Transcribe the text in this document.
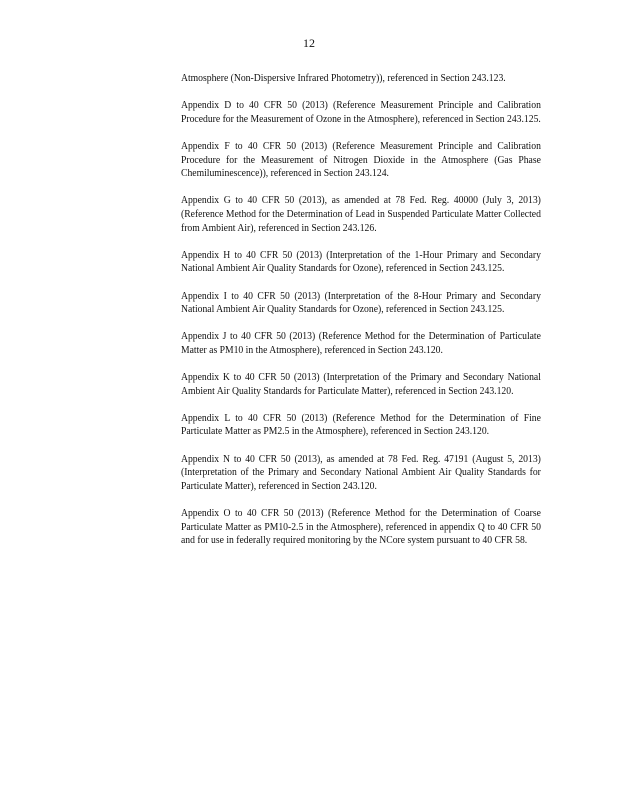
12

Atmosphere (Non-Dispersive Infrared Photometry)), referenced in Section 243.123.

Appendix D to 40 CFR 50 (2013) (Reference Measurement Principle and Calibration Procedure for the Measurement of Ozone in the Atmosphere), referenced in Section 243.125.

Appendix F to 40 CFR 50 (2013) (Reference Measurement Principle and Calibration Procedure for the Measurement of Nitrogen Dioxide in the Atmosphere (Gas Phase Chemiluminescence)), referenced in Section 243.124.

Appendix G to 40 CFR 50 (2013), as amended at 78 Fed. Reg. 40000 (July 3, 2013) (Reference Method for the Determination of Lead in Suspended Particulate Matter Collected from Ambient Air), referenced in Section 243.126.

Appendix H to 40 CFR 50 (2013) (Interpretation of the 1-Hour Primary and Secondary National Ambient Air Quality Standards for Ozone), referenced in Section 243.125.

Appendix I to 40 CFR 50 (2013) (Interpretation of the 8-Hour Primary and Secondary National Ambient Air Quality Standards for Ozone), referenced in Section 243.125.

Appendix J to 40 CFR 50 (2013) (Reference Method for the Determination of Particulate Matter as PM10 in the Atmosphere), referenced in Section 243.120.

Appendix K to 40 CFR 50 (2013) (Interpretation of the Primary and Secondary National Ambient Air Quality Standards for Particulate Matter), referenced in Section 243.120.

Appendix L to 40 CFR 50 (2013) (Reference Method for the Determination of Fine Particulate Matter as PM2.5 in the Atmosphere), referenced in Section 243.120.

Appendix N to 40 CFR 50 (2013), as amended at 78 Fed. Reg. 47191 (August 5, 2013) (Interpretation of the Primary and Secondary National Ambient Air Quality Standards for Particulate Matter), referenced in Section 243.120.

Appendix O to 40 CFR 50 (2013) (Reference Method for the Determination of Coarse Particulate Matter as PM10-2.5 in the Atmosphere), referenced in appendix Q to 40 CFR 50 and for use in federally required monitoring by the NCore system pursuant to 40 CFR 58.
